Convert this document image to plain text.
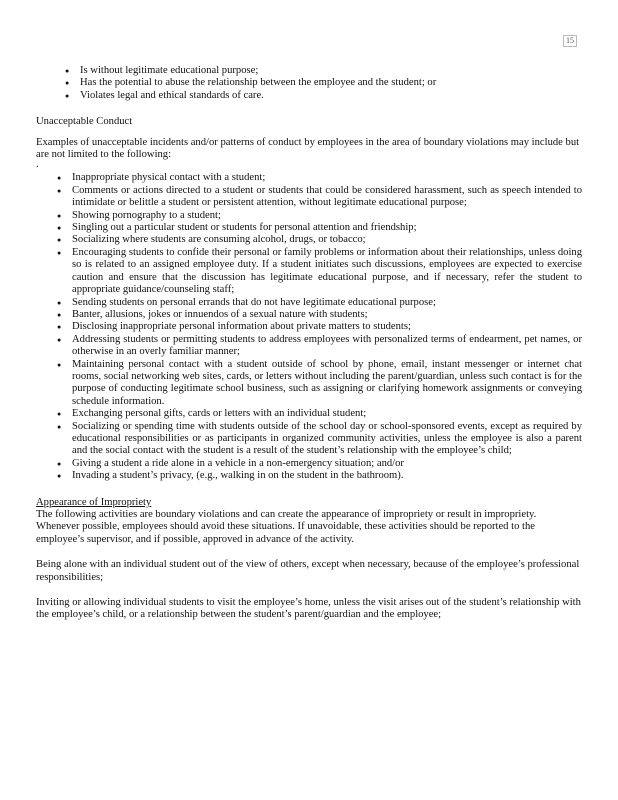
15
● Is without legitimate educational purpose;
● Has the potential to abuse the relationship between the employee and the student; or
● Violates legal and ethical standards of care.

Unacceptable Conduct

Examples of unacceptable incidents and/or patterns of conduct by employees in the area of boundary violations may include but are not limited to the following:

.

● Inappropriate physical contact with a student;
● Comments or actions directed to a student or students that could be considered harassment, such as speech intended to intimidate or belittle a student or persistent attention, without legitimate educational purpose;
● Showing pornography to a student;
● Singling out a particular student or students for personal attention and friendship;
● Socializing where students are consuming alcohol, drugs, or tobacco;
● Encouraging students to confide their personal or family problems or information about their relationships, unless doing so is related to an assigned employee duty. If a student initiates such discussions, employees are expected to exercise caution and ensure that the discussion has legitimate educational purpose, and if necessary, refer the student to appropriate guidance/counseling staff;
● Sending students on personal errands that do not have legitimate educational purpose;
● Banter, allusions, jokes or innuendos of a sexual nature with students;
● Disclosing inappropriate personal information about private matters to students;
● Addressing students or permitting students to address employees with personalized terms of endearment, pet names, or otherwise in an overly familiar manner;
● Maintaining personal contact with a student outside of school by phone, email, instant messenger or internet chat rooms, social networking web sites, cards, or letters without including the parent/guardian, unless such contact is for the purpose of conducting legitimate school business, such as assigning or clarifying homework assignments or conveying schedule information.
● Exchanging personal gifts, cards or letters with an individual student;
● Socializing or spending time with students outside of the school day or school-sponsored events, except as required by educational responsibilities or as participants in organized community activities, unless the employee is also a parent and the social contact with the student is a result of the student’s relationship with the employee’s child;
● Giving a student a ride alone in a vehicle in a non-emergency situation; and/or
● Invading a student’s privacy, (e.g., walking in on the student in the bathroom).

Appearance of Impropriety

The following activities are boundary violations and can create the appearance of impropriety or result in impropriety. Whenever possible, employees should avoid these situations. If unavoidable, these activities should be reported to the employee’s supervisor, and if possible, approved in advance of the activity.

Being alone with an individual student out of the view of others, except when necessary, because of the employee’s professional responsibilities;

Inviting or allowing individual students to visit the employee’s home, unless the visit arises out of the student’s relationship with the employee’s child, or a relationship between the student’s parent/guardian and the employee;
